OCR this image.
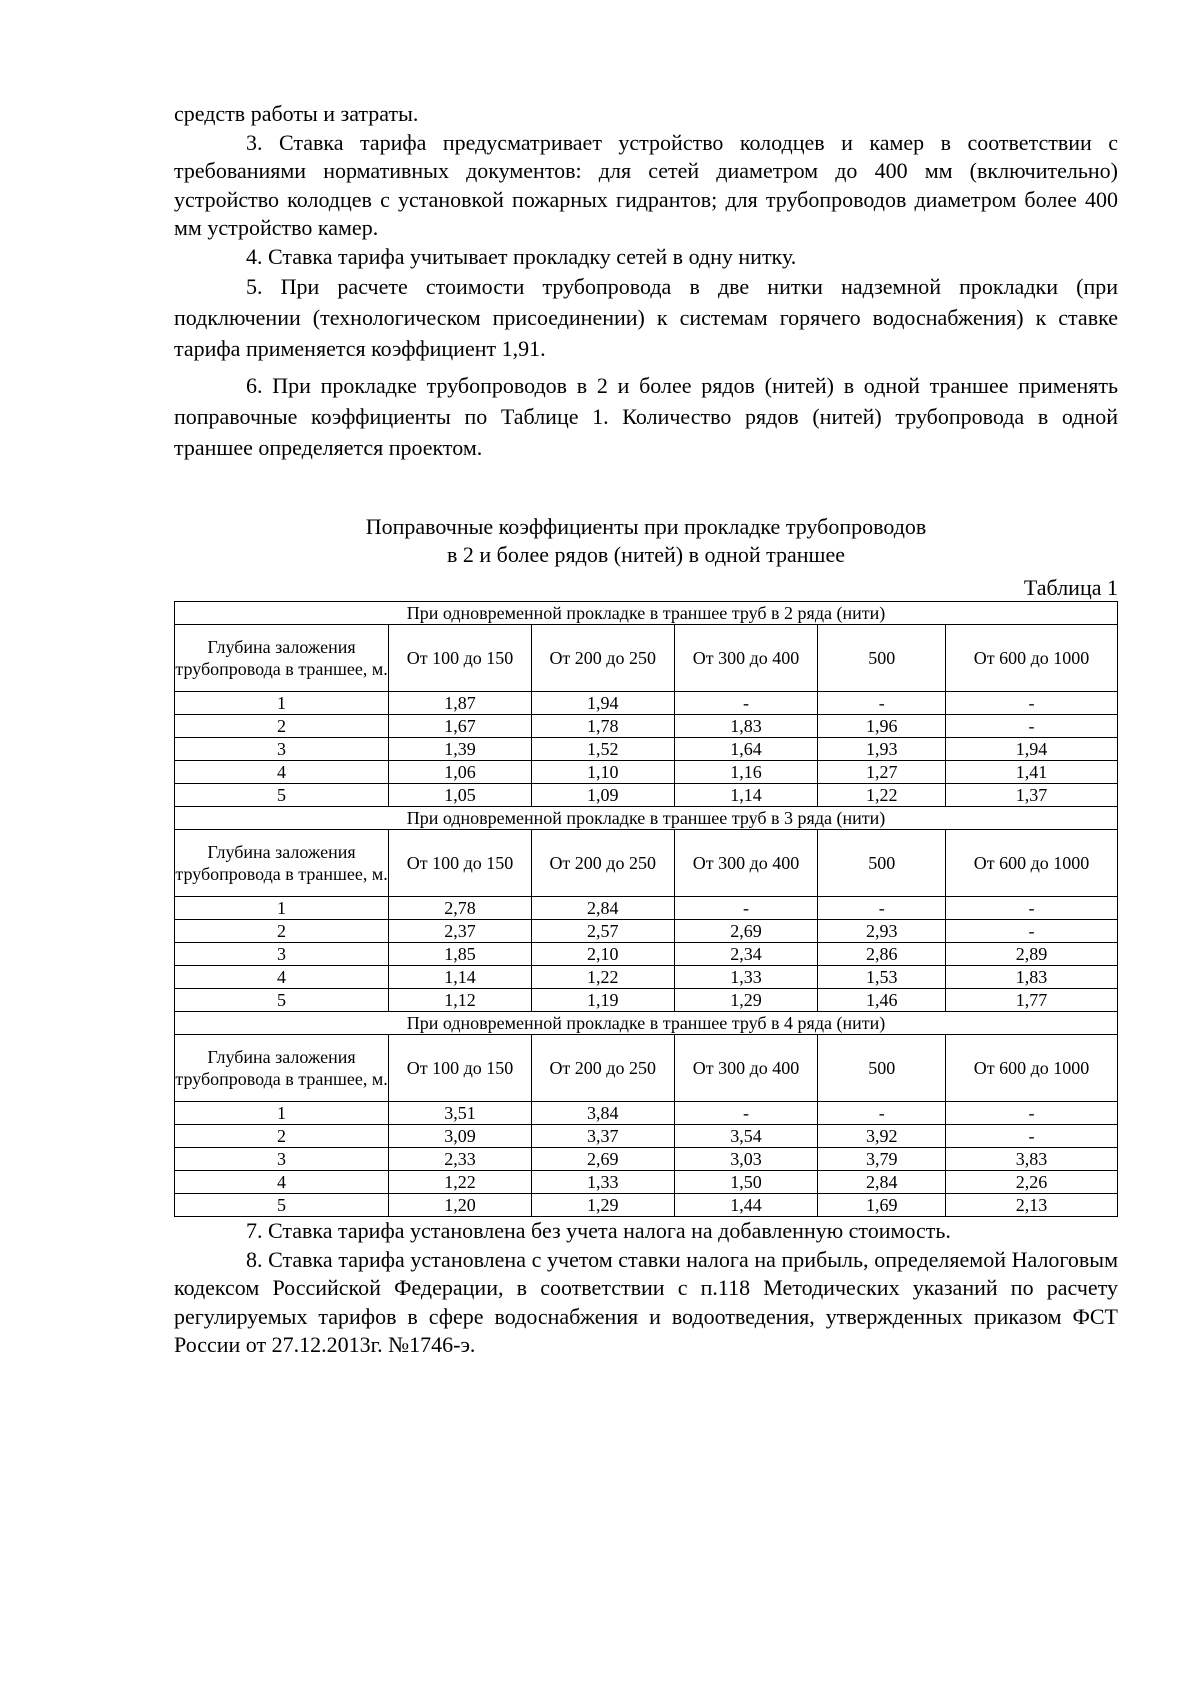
средств работы и затраты.

3. Ставка тарифа предусматривает устройство колодцев и камер в соответствии с требованиями нормативных документов: для сетей диаметром до 400 мм (включительно) устройство колодцев с установкой пожарных гидрантов; для трубопроводов диаметром более 400 мм устройство камер.

4. Ставка тарифа учитывает прокладку сетей в одну нитку.

5. При расчете стоимости трубопровода в две нитки надземной прокладки (при подключении (технологическом присоединении) к системам горячего водоснабжения) к ставке тарифа применяется коэффициент 1,91.

6. При прокладке трубопроводов в 2 и более рядов (нитей) в одной траншее применять поправочные коэффициенты по Таблице 1. Количество рядов (нитей) трубопровода в одной траншее определяется проектом.

Поправочные коэффициенты при прокладке трубопроводов
в 2 и более рядов (нитей) в одной траншее
Таблица 1
При одновременной прокладке в траншее труб в 2 ряда (нити)					
Глубина заложения трубопровода в траншее, м.	От 100 до 150	От 200 до 250	От 300 до 400	500	От 600 до 1000
1	1,87	1,94	-	-	-
2	1,67	1,78	1,83	1,96	-
3	1,39	1,52	1,64	1,93	1,94
4	1,06	1,10	1,16	1,27	1,41
5	1,05	1,09	1,14	1,22	1,37
При одновременной прокладке в траншее труб в 3 ряда (нити)					
Глубина заложения трубопровода в траншее, м.	От 100 до 150	От 200 до 250	От 300 до 400	500	От 600 до 1000
1	2,78	2,84	-	-	-
2	2,37	2,57	2,69	2,93	-
3	1,85	2,10	2,34	2,86	2,89
4	1,14	1,22	1,33	1,53	1,83
5	1,12	1,19	1,29	1,46	1,77
При одновременной прокладке в траншее труб в 4 ряда (нити)					
Глубина заложения трубопровода в траншее, м.	От 100 до 150	От 200 до 250	От 300 до 400	500	От 600 до 1000
1	3,51	3,84	-	-	-
2	3,09	3,37	3,54	3,92	-
3	2,33	2,69	3,03	3,79	3,83
4	1,22	1,33	1,50	2,84	2,26
5	1,20	1,29	1,44	1,69	2,13

7. Ставка тарифа установлена без учета налога на добавленную стоимость.

8. Ставка тарифа установлена с учетом ставки налога на прибыль, определяемой Налоговым кодексом Российской Федерации, в соответствии с п.118 Методических указаний по расчету регулируемых тарифов в сфере водоснабжения и водоотведения, утвержденных приказом ФСТ России от 27.12.2013г. №1746-э.
